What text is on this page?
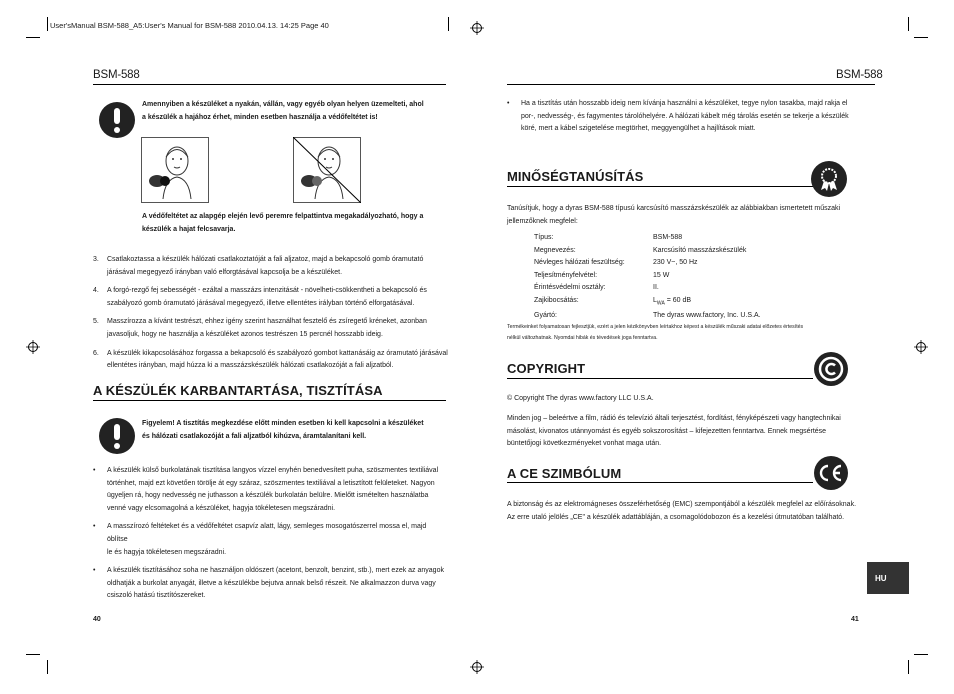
User'sManual BSM-588_A5:User's Manual for BSM-588 2010.04.13. 14:25 Page 40
BSM-588
Amennyiben a készüléket a nyakán, vállán, vagy egyéb olyan helyen üzemelteti, ahol
a készülék a hajához érhet, minden esetben használja a védőfeltétet is!
A védőfeltétet az alapgép elején levő peremre felpattintva megakadályozható, hogy a
készülék a hajat felcsavarja.
3. Csatlakoztassa a készülék hálózati csatlakoztatóját a fali aljzatoz, majd a bekapcsoló gomb óramutató
járásával megegyező irányban való elforgtásával kapcsolja be a készüléket.
4. A forgó-rezgő fej sebességét - ezáltal a masszázs intenzitását - növelheti-csökkentheti a bekapcsoló és
szabályozó gomb óramutató járásával megegyező, illetve ellentétes irályban történő elforgatásával.
5. Masszírozza a kívánt testrészt, ehhez igény szerint használhat fesztelő és zsíregető kréneket, azonban
javasoljuk, hogy ne használja a készüléket azonos testrészen 15 percnél hosszabb ideig.
6. A készülék kikapcsolásához forgassa a bekapcsoló és szabályozó gombot kattanásáig az óramutató járásával
ellentétes irányban, majd húzza ki a masszázskészülék hálózati csatlakozóját a fali aljzatból.
A KÉSZÜLÉK KARBANTARTÁSA, TISZTÍTÁSA
Figyelem! A tisztítás megkezdése előtt minden esetben ki kell kapcsolni a készüléket
és hálózati csatlakozóját a fali aljzatból kihúzva, áramtalanítani kell.
• A készülék külső burkolatának tisztítása langyos vízzel enyhén benedvesített puha, szöszmentes textiliával
történhet, majd ezt követően törölje át egy száraz, szöszmentes textiliával a letisztított felületeket. Nagyon
ügyeljen rá, hogy nedvesség ne juthasson a készülék burkolatán belülre. Mielőtt ismételten használatba
venné vagy elcsomagolná a készüléket, hagyja tökéletesen megszáradni.
• A masszírozó feltéteket és a védőfeltétet csapvíz alatt, lágy, semleges mosogatószerrel mossa el, majd öblítse
le és hagyja tökéletesen megszáradni.
• A készülék tisztításához soha ne használjon oldószert (acetont, benzolt, benzint, stb.), mert ezek az anyagok
oldhatják a burkolat anyagát, illetve a készülékbe bejutva annak belső részeit. Ne alkalmazzon durva vagy
csiszoló hatású tisztítószereket.
40
BSM-588
• Ha a tisztítás után hosszabb ideig nem kívánja használni a készüléket, tegye nylon tasakba, majd rakja el
por-, nedvesség-, és fagymentes tárolóhelyére. A hálózati kábelt még tárolás esetén se tekerje a készülék
köré, mert a kábel szigetelése megtörhet, meggyengülhet a hajlítások miatt.
MINŐSÉGTANÚSÍTÁS
Tanúsítjuk, hogy a dyras BSM-588 típusú karcsúsító masszázskészülék az alábbiakban ismertetett műszaki
jellemzőknek megfelel:
Típus:	BSM-588
Megnevezés:	Karcsúsító masszázskészülék
Névleges hálózati feszültség:	230 V~, 50 Hz
Teljesítményfelvétel:	15 W
Érintésvédelmi osztály:	II.
Zajkibocsátás:	$L_{WA} = 60$ dB
Gyártó:	The dyras www.factory, Inc. U.S.A.
Termékeinket folyamatosan fejlesztjük, ezért a jelen kézikönyvben leírtakhoz képest a készülék műszaki adatai előzetes értesítés
nélkül változhatnak. Nyomdai hibák és tévedések joga fenntartva.
COPYRIGHT
© Copyright The dyras www.factory LLC U.S.A.
Minden jog – beleértve a film, rádió és televízió általi terjesztést, fordítást, fényképészeti vagy hangtechnikai
másolást, kivonatos utánnyomást és egyéb sokszorosítást – kifejezetten fenntartva. Ennek megsértése
büntetőjogi következményeket vonhat maga után.
A CE SZIMBÓLUM
A biztonság és az elektromágneses összeférhetőség (EMC) szempontjából a készülék megfelel az előírásoknak.
Az erre utaló jelölés „CE" a készülék adattábláján, a csomagolódobozon és a kezelési útmutatóban található.
HU
41
